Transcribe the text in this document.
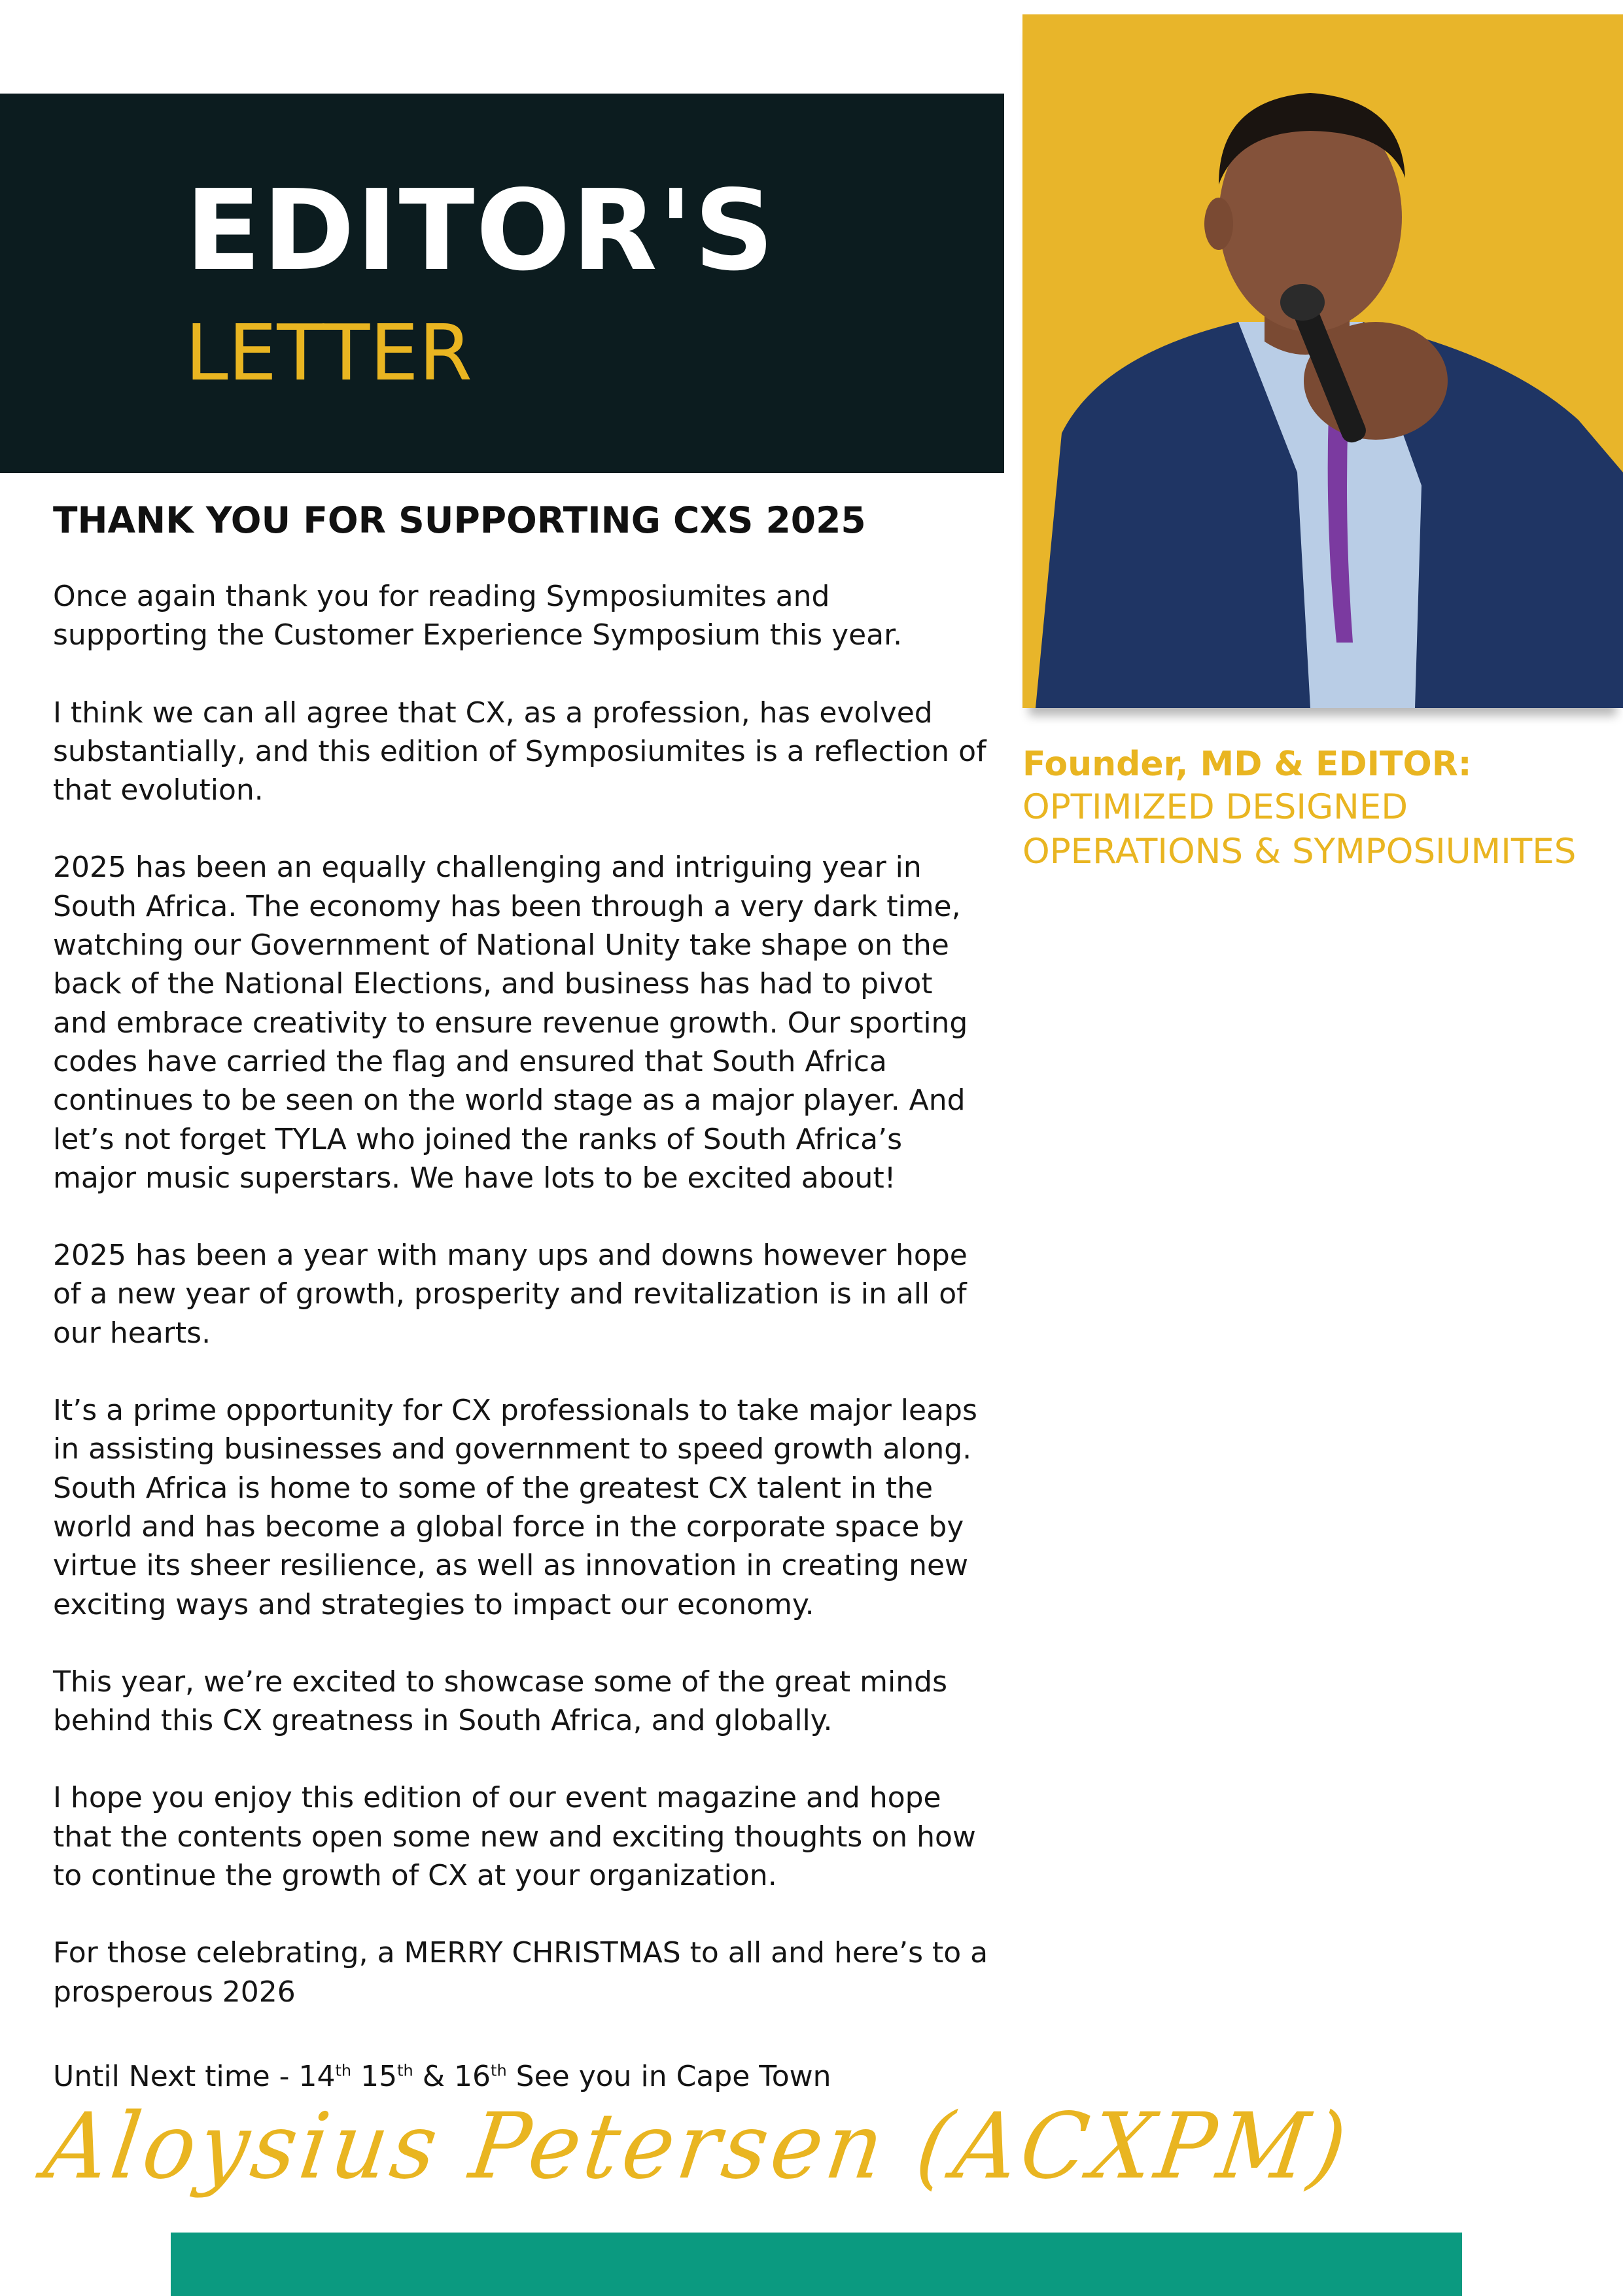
EDITOR'S
LETTER
Founder, MD & EDITOR:
OPTIMIZED DESIGNED
OPERATIONS & SYMPOSIUMITES
THANK YOU FOR SUPPORTING CXS 2025

Once again thank you for reading Symposiumites and supporting the Customer Experience Symposium this year.

I think we can all agree that CX, as a profession, has evolved substantially, and this edition of Symposiumites is a reflection of that evolution.

2025 has been an equally challenging and intriguing year in South Africa. The economy has been through a very dark time, watching our Government of National Unity take shape on the back of the National Elections, and business has had to pivot and embrace creativity to ensure revenue growth. Our sporting codes have carried the flag and ensured that South Africa continues to be seen on the world stage as a major player. And let’s not forget TYLA who joined the ranks of South Africa’s major music superstars. We have lots to be excited about!

2025 has been a year with many ups and downs however hope of a new year of growth, prosperity and revitalization is in all of our hearts.

It’s a prime opportunity for CX professionals to take major leaps in assisting businesses and government to speed growth along. South Africa is home to some of the greatest CX talent in the world and has become a global force in the corporate space by virtue its sheer resilience, as well as innovation in creating new exciting ways and strategies to impact our economy.

This year, we’re excited to showcase some of the great minds behind this CX greatness in South Africa, and globally.

I hope you enjoy this edition of our event magazine and hope that the contents open some new and exciting thoughts on how to continue the growth of CX at your organization.

For those celebrating, a MERRY CHRISTMAS to all and here’s to a prosperous 2026

Until Next time - 14th 15th & 16th See you in Cape Town
Aloysius Petersen (ACXPM)
